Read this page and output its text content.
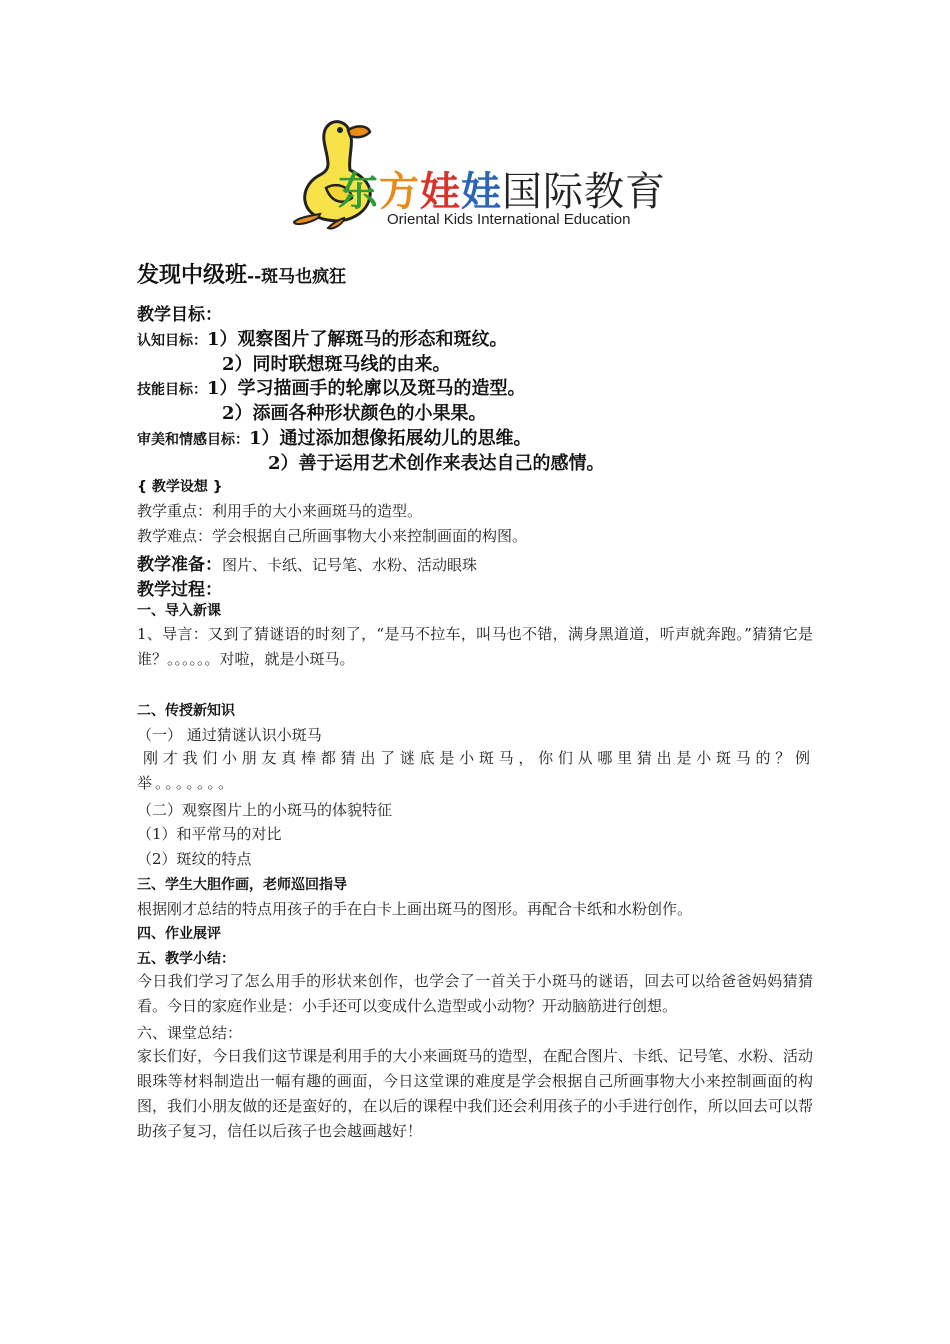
东方娃娃国际教育
Oriental Kids International Education
发现中级班--斑马也疯狂
教学目标：
认知目标：1）观察图片了解斑马的形态和斑纹。
2）同时联想斑马线的由来。
技能目标：1）学习描画手的轮廓以及斑马的造型。
2）添画各种形状颜色的小果果。
审美和情感目标：1）通过添加想像拓展幼儿的思维。
2）善于运用艺术创作来表达自己的感情。
{ 教学设想 }
教学重点：利用手的大小来画斑马的造型。
教学难点：学会根据自己所画事物大小来控制画面的构图。
教学准备：图片、卡纸、记号笔、水粉、活动眼珠
教学过程：
一、导入新课
1、导言：又到了猜谜语的时刻了，“是马不拉车，叫马也不错，满身黑道道，听声就奔跑。”猜猜它是谁？。。。。。。对啦，就是小斑马。
二、传授新知识
（一） 通过猜谜认识小斑马
刚才我们小朋友真棒都猜出了谜底是小斑马，你们从哪里猜出是小斑马的？例举。。。。。。。
（二）观察图片上的小斑马的体貌特征
（1）和平常马的对比
（2）斑纹的特点
三、学生大胆作画，老师巡回指导
根据刚才总结的特点用孩子的手在白卡上画出斑马的图形。再配合卡纸和水粉创作。
四、作业展评
五、教学小结：
今日我们学习了怎么用手的形状来创作，也学会了一首关于小斑马的谜语，回去可以给爸爸妈妈猜猜看。今日的家庭作业是：小手还可以变成什么造型或小动物？开动脑筋进行创想。
六、课堂总结：
家长们好，今日我们这节课是利用手的大小来画斑马的造型，在配合图片、卡纸、记号笔、水粉、活动眼珠等材料制造出一幅有趣的画面，今日这堂课的难度是学会根据自己所画事物大小来控制画面的构图，我们小朋友做的还是蛮好的，在以后的课程中我们还会利用孩子的小手进行创作，所以回去可以帮助孩子复习，信任以后孩子也会越画越好！
